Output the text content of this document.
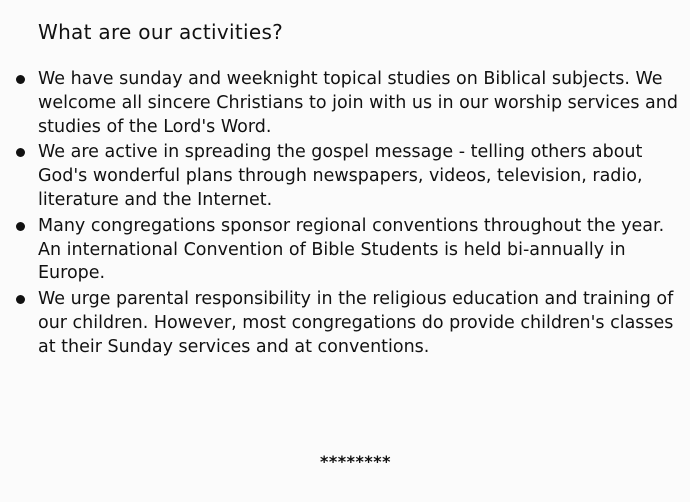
What are our activities?
We have sunday and weeknight topical studies on Biblical subjects. We welcome all sincere Christians to join with us in our worship services and studies of the Lord's Word.
We are active in spreading the gospel message - telling others about God's wonderful plans through newspapers, videos, television, radio, literature and the Internet.
Many congregations sponsor regional conventions throughout the year. An international Convention of Bible Students is held bi-annually in Europe.
We urge parental responsibility in the religious education and training of our children. However, most congregations do provide children's classes at their Sunday services and at conventions.
********
